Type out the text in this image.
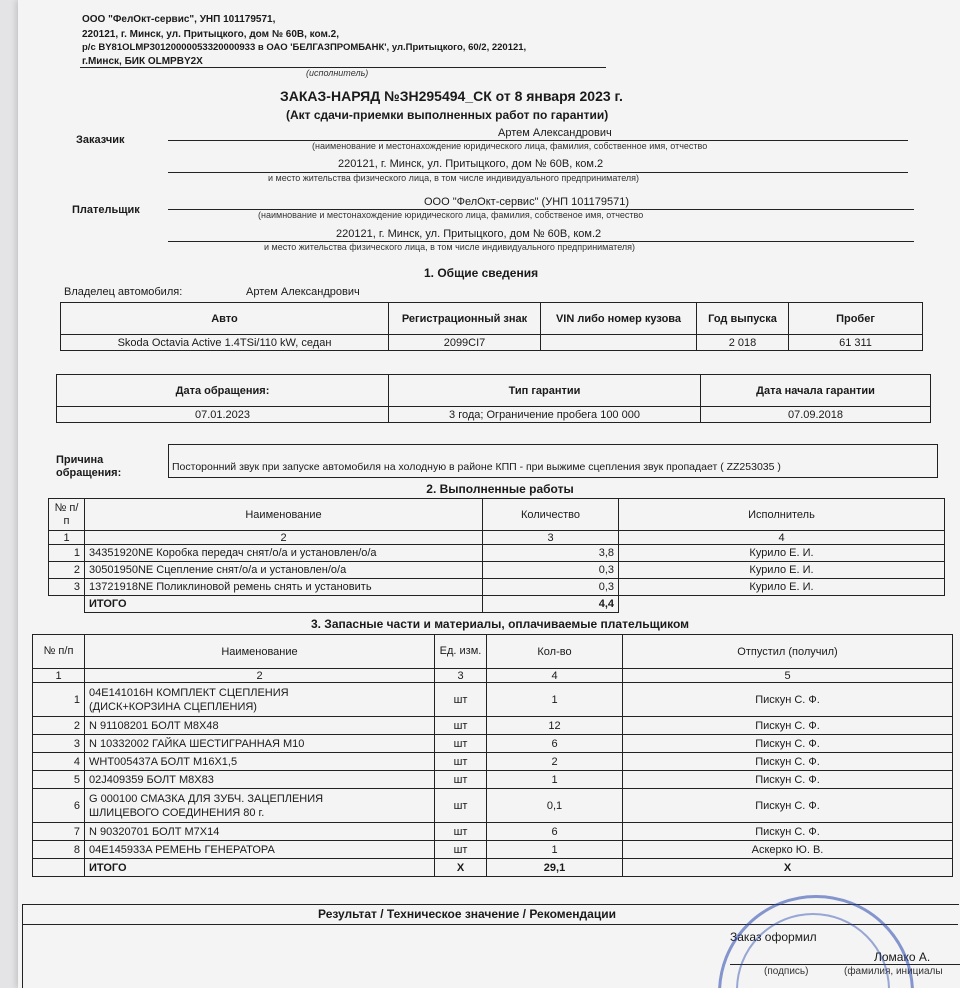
ООО "ФелОкт-сервис", УНП 101179571,
220121, г. Минск, ул. Притыцкого, дом № 60В, ком.2,
р/с BY81OLMP30120000053320000933 в ОАО 'БЕЛГАЗПРОМБАНК', ул.Притыцкого, 60/2, 220121,
г.Минск, БИК OLMPBY2X
(исполнитель)
ЗАКАЗ-НАРЯД №ЗН295494_СК от 8 января 2023 г.
(Акт сдачи-приемки выполненных работ по гарантии)
Заказчик
Артем Александрович
(наименование и местонахождение юридического лица, фамилия, собственное имя, отчество
220121, г. Минск, ул. Притыцкого, дом № 60В, ком.2
и место жительства физического лица, в том числе индивидуального предпринимателя)
Плательщик
ООО "ФелОкт-сервис" (УНП 101179571)
(наимнование и местонахождение юридического лица, фамилия, собственое имя, отчество
220121, г. Минск, ул. Притыцкого, дом № 60В, ком.2
и место жительства физического лица, в том числе индивидуального предпринимателя)
1. Общие сведения
Владелец автомобиля:	Артем Александрович
Авто	Регистрационный знак	VIN либо номер кузова	Год выпуска	Пробег
Skoda Octavia Active 1.4TSi/110 kW, седан	2099CI7		2 018	61 311
Дата обращения:	Тип гарантии	Дата начала гарантии
07.01.2023	3 года; Ограничение пробега 100 000	07.09.2018
Причина
обращения:	Посторонний звук при запуске автомобиля на холодную в районе КПП - при выжиме сцепления звук пропадает ( ZZ253035 )
2. Выполненные работы
№ п/п	Наименование	Количество	Исполнитель
1	2	3	4
1	34351920NE Коробка передач снят/о/а и установлен/о/а	3,8	Курило Е. И.
2	30501950NE Сцепление снят/о/а и установлен/о/а	0,3	Курило Е. И.
3	13721918NE Поликлиновой ремень снять и установить	0,3	Курило Е. И.
	ИТОГО	4,4	
3. Запасные части и материалы, оплачиваемые плательщиком
№ п/п	Наименование	Ед. изм.	Кол-во	Отпустил (получил)
1	2	3	4	5
1	04E141016H КОМПЛЕКТ СЦЕПЛЕНИЯ
(ДИСК+КОРЗИНА СЦЕПЛЕНИЯ)	шт	1	Пискун С. Ф.
2	N 91108201 БОЛТ М8Х48	шт	12	Пискун С. Ф.
3	N 10332002 ГАЙКА ШЕСТИГРАННАЯ М10	шт	6	Пискун С. Ф.
4	WHT005437A БОЛТ М16Х1,5	шт	2	Пискун С. Ф.
5	02J409359 БОЛТ М8Х83	шт	1	Пискун С. Ф.
6	G 000100 СМАЗКА ДЛЯ ЗУБЧ. ЗАЦЕПЛЕНИЯ
ШЛИЦЕВОГО СОЕДИНЕНИЯ 80 г.	шт	0,1	Пискун С. Ф.
7	N 90320701 БОЛТ М7Х14	шт	6	Пискун С. Ф.
8	04E145933A РЕМЕНЬ ГЕНЕРАТОРА	шт	1	Аскерко Ю. В.
	ИТОГО	X	29,1	X
Результат / Техническое значение / Рекомендации
Заказ оформил
Ломако А.
(подпись)	(фамилия, инициалы
